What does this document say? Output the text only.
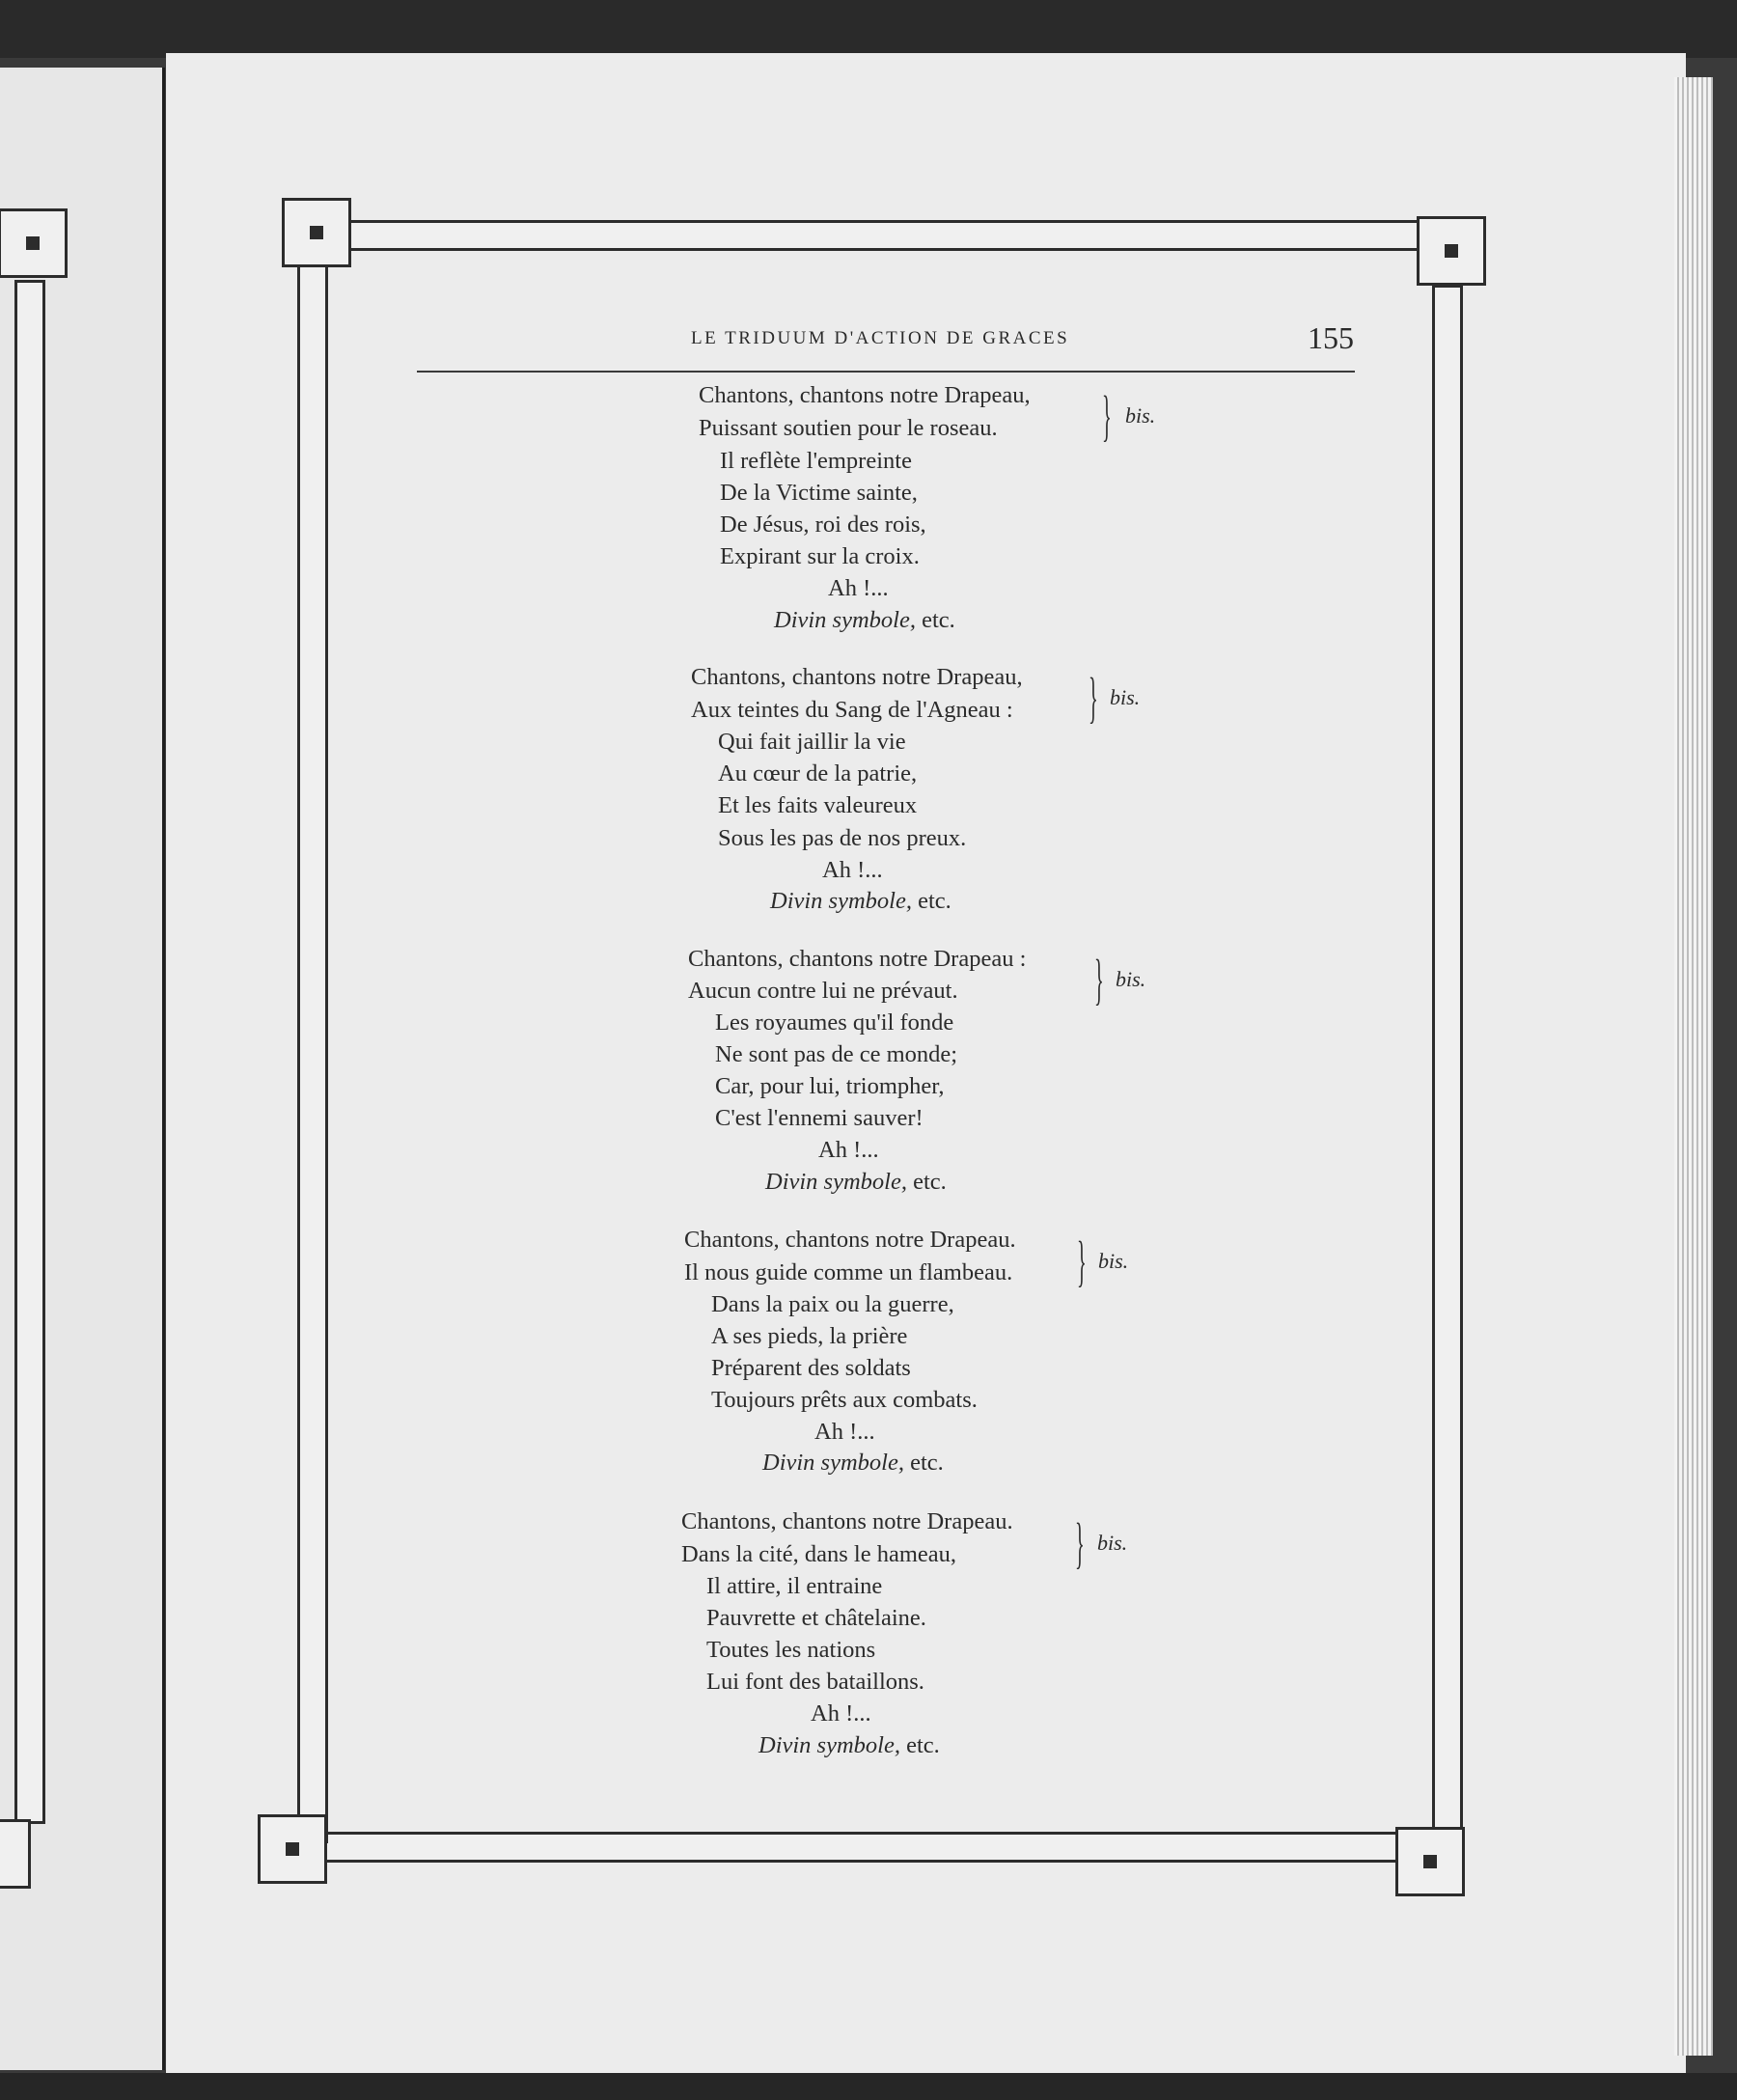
LE TRIDUUM D'ACTION DE GRACES	155
Chantons, chantons notre Drapeau,
Puissant soutien pour le roseau. } bis.
Il reflète l'empreinte
De la Victime sainte,
De Jésus, roi des rois,
Expirant sur la croix.
Ah !...
Divin symbole, etc.
Chantons, chantons notre Drapeau,
Aux teintes du Sang de l'Agneau : } bis.
Qui fait jaillir la vie
Au cœur de la patrie,
Et les faits valeureux
Sous les pas de nos preux.
Ah !...
Divin symbole, etc.
Chantons, chantons notre Drapeau :
Aucun contre lui ne prévaut. } bis.
Les royaumes qu'il fonde
Ne sont pas de ce monde;
Car, pour lui, triompher,
C'est l'ennemi sauver!
Ah !...
Divin symbole, etc.
Chantons, chantons notre Drapeau.
Il nous guide comme un flambeau. } bis.
Dans la paix ou la guerre,
A ses pieds, la prière
Préparent des soldats
Toujours prêts aux combats.
Ah !...
Divin symbole, etc.
Chantons, chantons notre Drapeau.
Dans la cité, dans le hameau, } bis.
Il attire, il entraine
Pauvrette et châtelaine.
Toutes les nations
Lui font des bataillons.
Ah !...
Divin symbole, etc.
